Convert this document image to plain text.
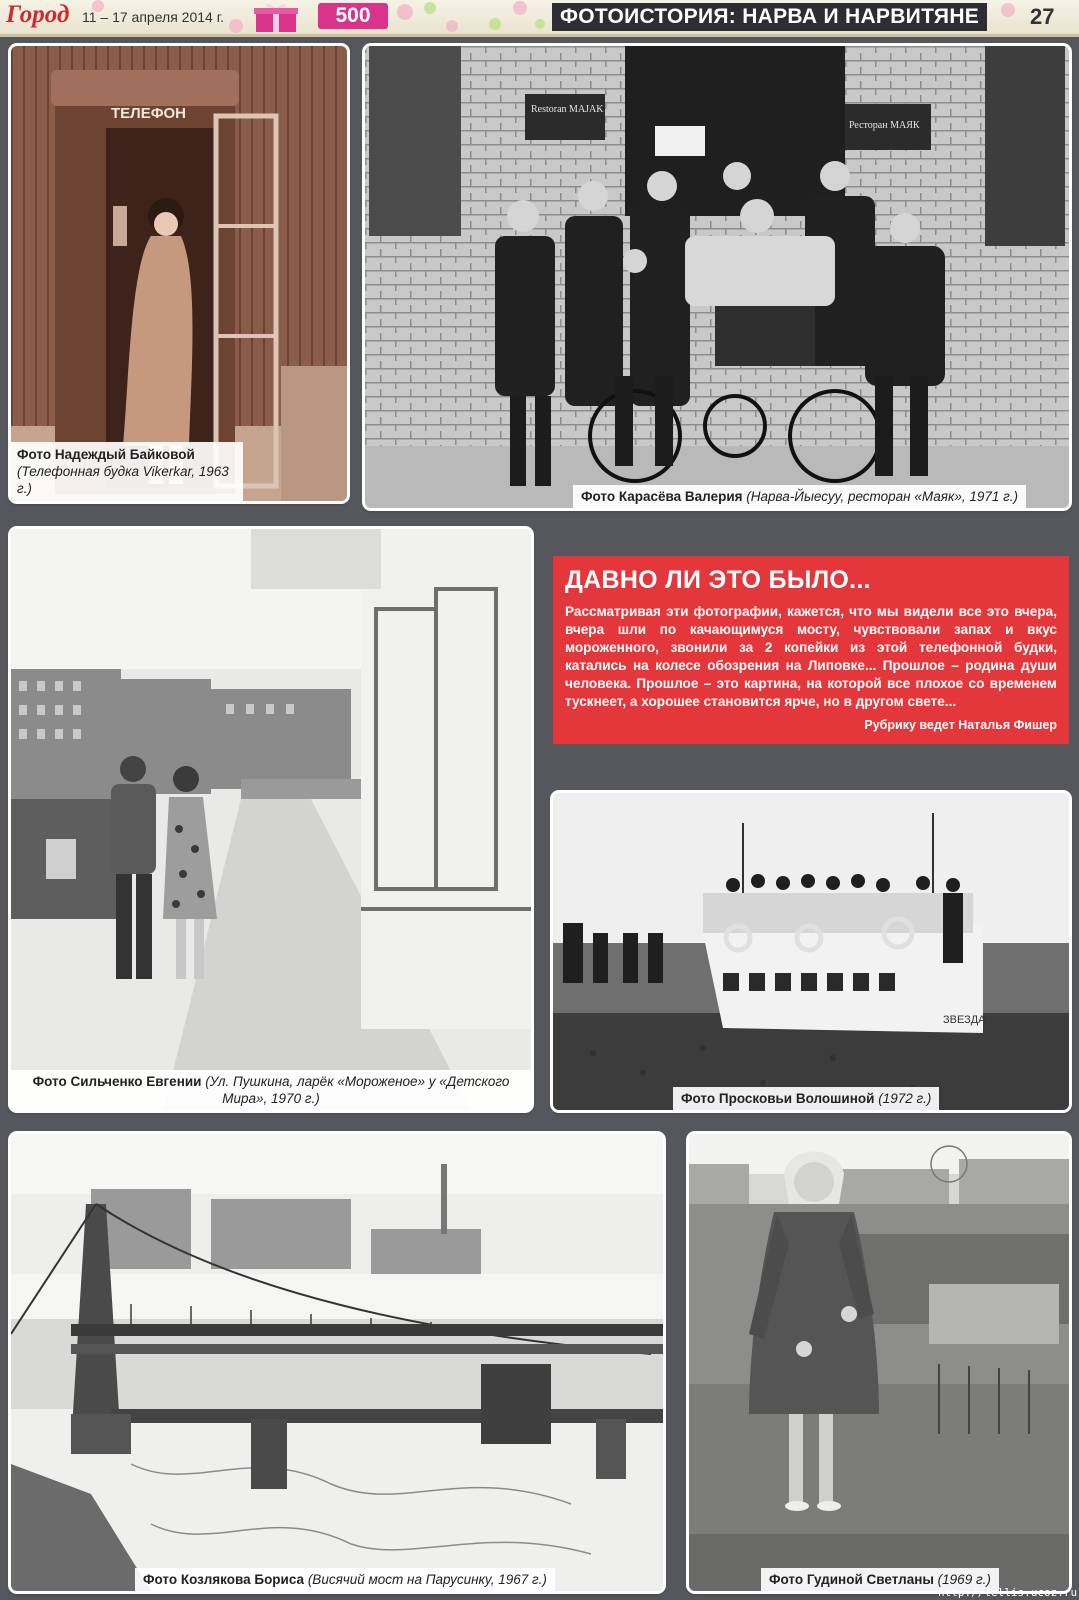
Город 11 – 17 апреля 2014 г.	500	ФОТОИСТОРИЯ: НАРВА И НАРВИТЯНЕ	27
ТЕЛЕФОН
Фото Надеждый Байковой
(Телефонная будка Vikerkar, 1963 г.)
Restoran MAJAK
Ресторан МАЯК
Фото Карасёва Валерия (Нарва-Йыесуу, ресторан «Маяк», 1971 г.)
Фото Сильченко Евгении (Ул. Пушкина, ларёк «Мороженое» у «Детского Мира», 1970 г.)
ДАВНО ЛИ ЭТО БЫЛО...

Рассматривая эти фотографии, кажется, что мы видели все это вчера, вчера шли по качающимуся мосту, чувствовали запах и вкус мороженного, звонили за 2 копейки из этой телефонной будки, катались на колесе обозрения на Липовке... Прошлое – родина души человека. Прошлое – это картина, на которой все плохое со временем тускнеет, а хорошее становится ярче, но в другом свете...

Рубрику ведет Наталья Фишер
ЗВЕЗДА
Фото Просковьи Волошиной (1972 г.)
Фото Козлякова Бориса (Висячий мост на Парусинку, 1967 г.)	Фото Гудиной Светланы (1969 г.)
http://tellis.ucoz.ru
